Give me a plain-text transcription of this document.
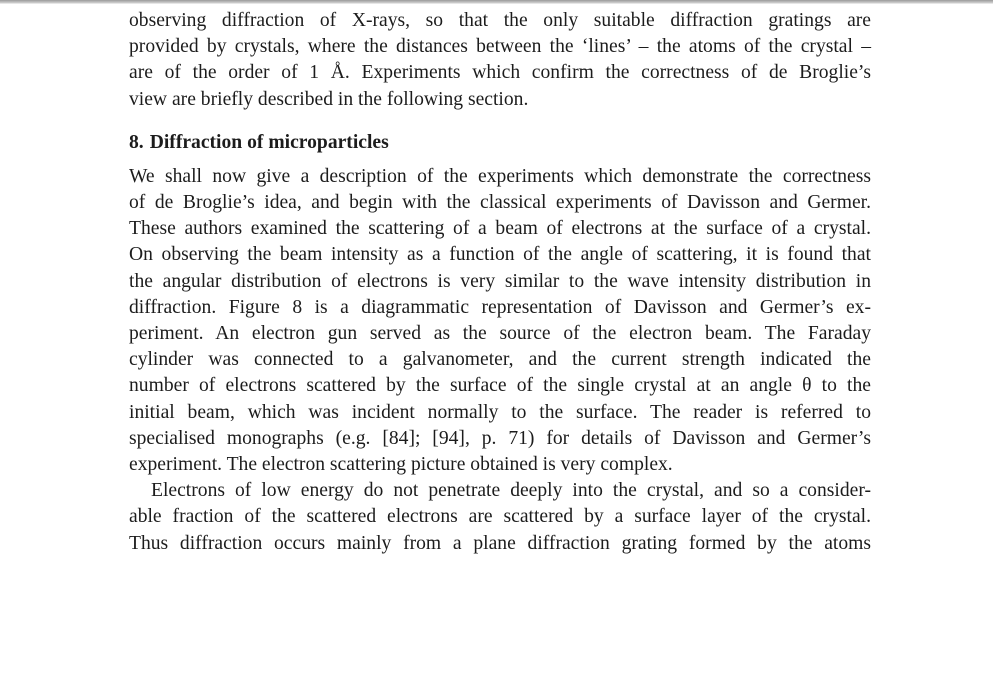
observing diffraction of X-rays, so that the only suitable diffraction gratings are
provided by crystals, where the distances between the ‘lines’ – the atoms of the crystal –
are of the order of 1 Å. Experiments which confirm the correctness of de Broglie’s
view are briefly described in the following section.
8. Diffraction of microparticles
We shall now give a description of the experiments which demonstrate the correctness
of de Broglie’s idea, and begin with the classical experiments of Davisson and Germer.
These authors examined the scattering of a beam of electrons at the surface of a crystal.
On observing the beam intensity as a function of the angle of scattering, it is found that
the angular distribution of electrons is very similar to the wave intensity distribution in
diffraction. Figure 8 is a diagrammatic representation of Davisson and Germer’s ex-
periment. An electron gun served as the source of the electron beam. The Faraday
cylinder was connected to a galvanometer, and the current strength indicated the
number of electrons scattered by the surface of the single crystal at an angle θ to the
initial beam, which was incident normally to the surface. The reader is referred to
specialised monographs (e.g. [84]; [94], p. 71) for details of Davisson and Germer’s
experiment. The electron scattering picture obtained is very complex.
Electrons of low energy do not penetrate deeply into the crystal, and so a consider-
able fraction of the scattered electrons are scattered by a surface layer of the crystal.
Thus diffraction occurs mainly from a plane diffraction grating formed by the atoms
